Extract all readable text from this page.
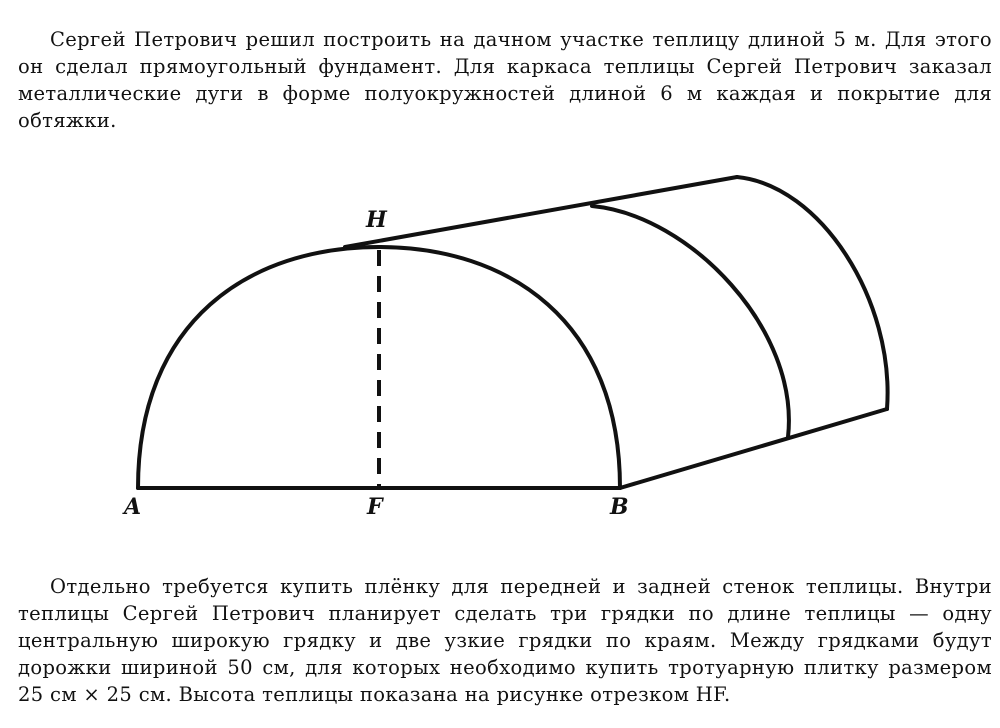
Сергей Петрович решил построить на дачном участке теплицу длиной 5 м. Для этого он сделал прямоугольный фундамент. Для каркаса теплицы Сергей Петрович заказал металлические дуги в форме полуокружностей длиной 6 м каждая и покрытие для обтяжки.

H
A	F	B

Отдельно требуется купить плёнку для передней и задней стенок теплицы. Внутри теплицы Сергей Петрович планирует сделать три грядки по длине теплицы — одну центральную широкую грядку и две узкие грядки по краям. Между грядками будут дорожки шириной 50 см, для которых необходимо купить тротуарную плитку размером 25 см × 25 см. Высота теплицы показана на рисунке отрезком HF.
